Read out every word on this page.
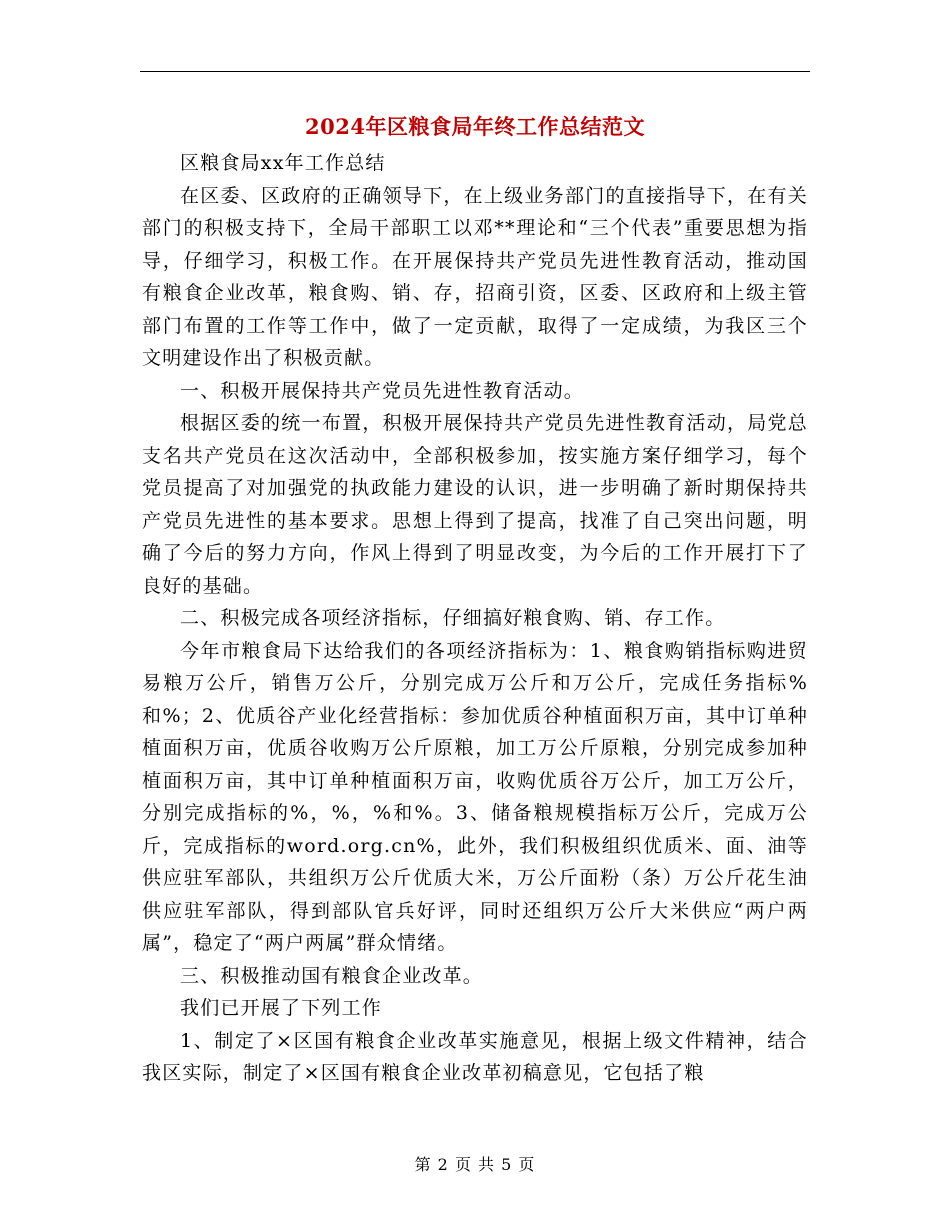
2024年区粮食局年终工作总结范文

区粮食局xx年工作总结

在区委、区政府的正确领导下，在上级业务部门的直接指导下，在有关部门的积极支持下，全局干部职工以邓**理论和“三个代表”重要思想为指导，仔细学习，积极工作。在开展保持共产党员先进性教育活动，推动国有粮食企业改革，粮食购、销、存，招商引资，区委、区政府和上级主管部门布置的工作等工作中，做了一定贡献，取得了一定成绩，为我区三个文明建设作出了积极贡献。

一、积极开展保持共产党员先进性教育活动。

根据区委的统一布置，积极开展保持共产党员先进性教育活动，局党总支名共产党员在这次活动中，全部积极参加，按实施方案仔细学习，每个党员提高了对加强党的执政能力建设的认识，进一步明确了新时期保持共产党员先进性的基本要求。思想上得到了提高，找准了自己突出问题，明确了今后的努力方向，作风上得到了明显改变，为今后的工作开展打下了良好的基础。

二、积极完成各项经济指标，仔细搞好粮食购、销、存工作。

今年市粮食局下达给我们的各项经济指标为：1、粮食购销指标购进贸易粮万公斤，销售万公斤，分别完成万公斤和万公斤，完成任务指标%和%；2、优质谷产业化经营指标：参加优质谷种植面积万亩，其中订单种植面积万亩，优质谷收购万公斤原粮，加工万公斤原粮，分别完成参加种植面积万亩，其中订单种植面积万亩，收购优质谷万公斤，加工万公斤，分别完成指标的%，%，%和%。3、储备粮规模指标万公斤，完成万公斤，完成指标的word.org.cn%，此外，我们积极组织优质米、面、油等供应驻军部队，共组织万公斤优质大米，万公斤面粉（条）万公斤花生油供应驻军部队，得到部队官兵好评，同时还组织万公斤大米供应“两户两属”，稳定了“两户两属”群众情绪。

三、积极推动国有粮食企业改革。

我们已开展了下列工作

1、制定了×区国有粮食企业改革实施意见，根据上级文件精神，结合我区实际，制定了×区国有粮食企业改革初稿意见，它包括了粮

第 2 页 共 5 页
